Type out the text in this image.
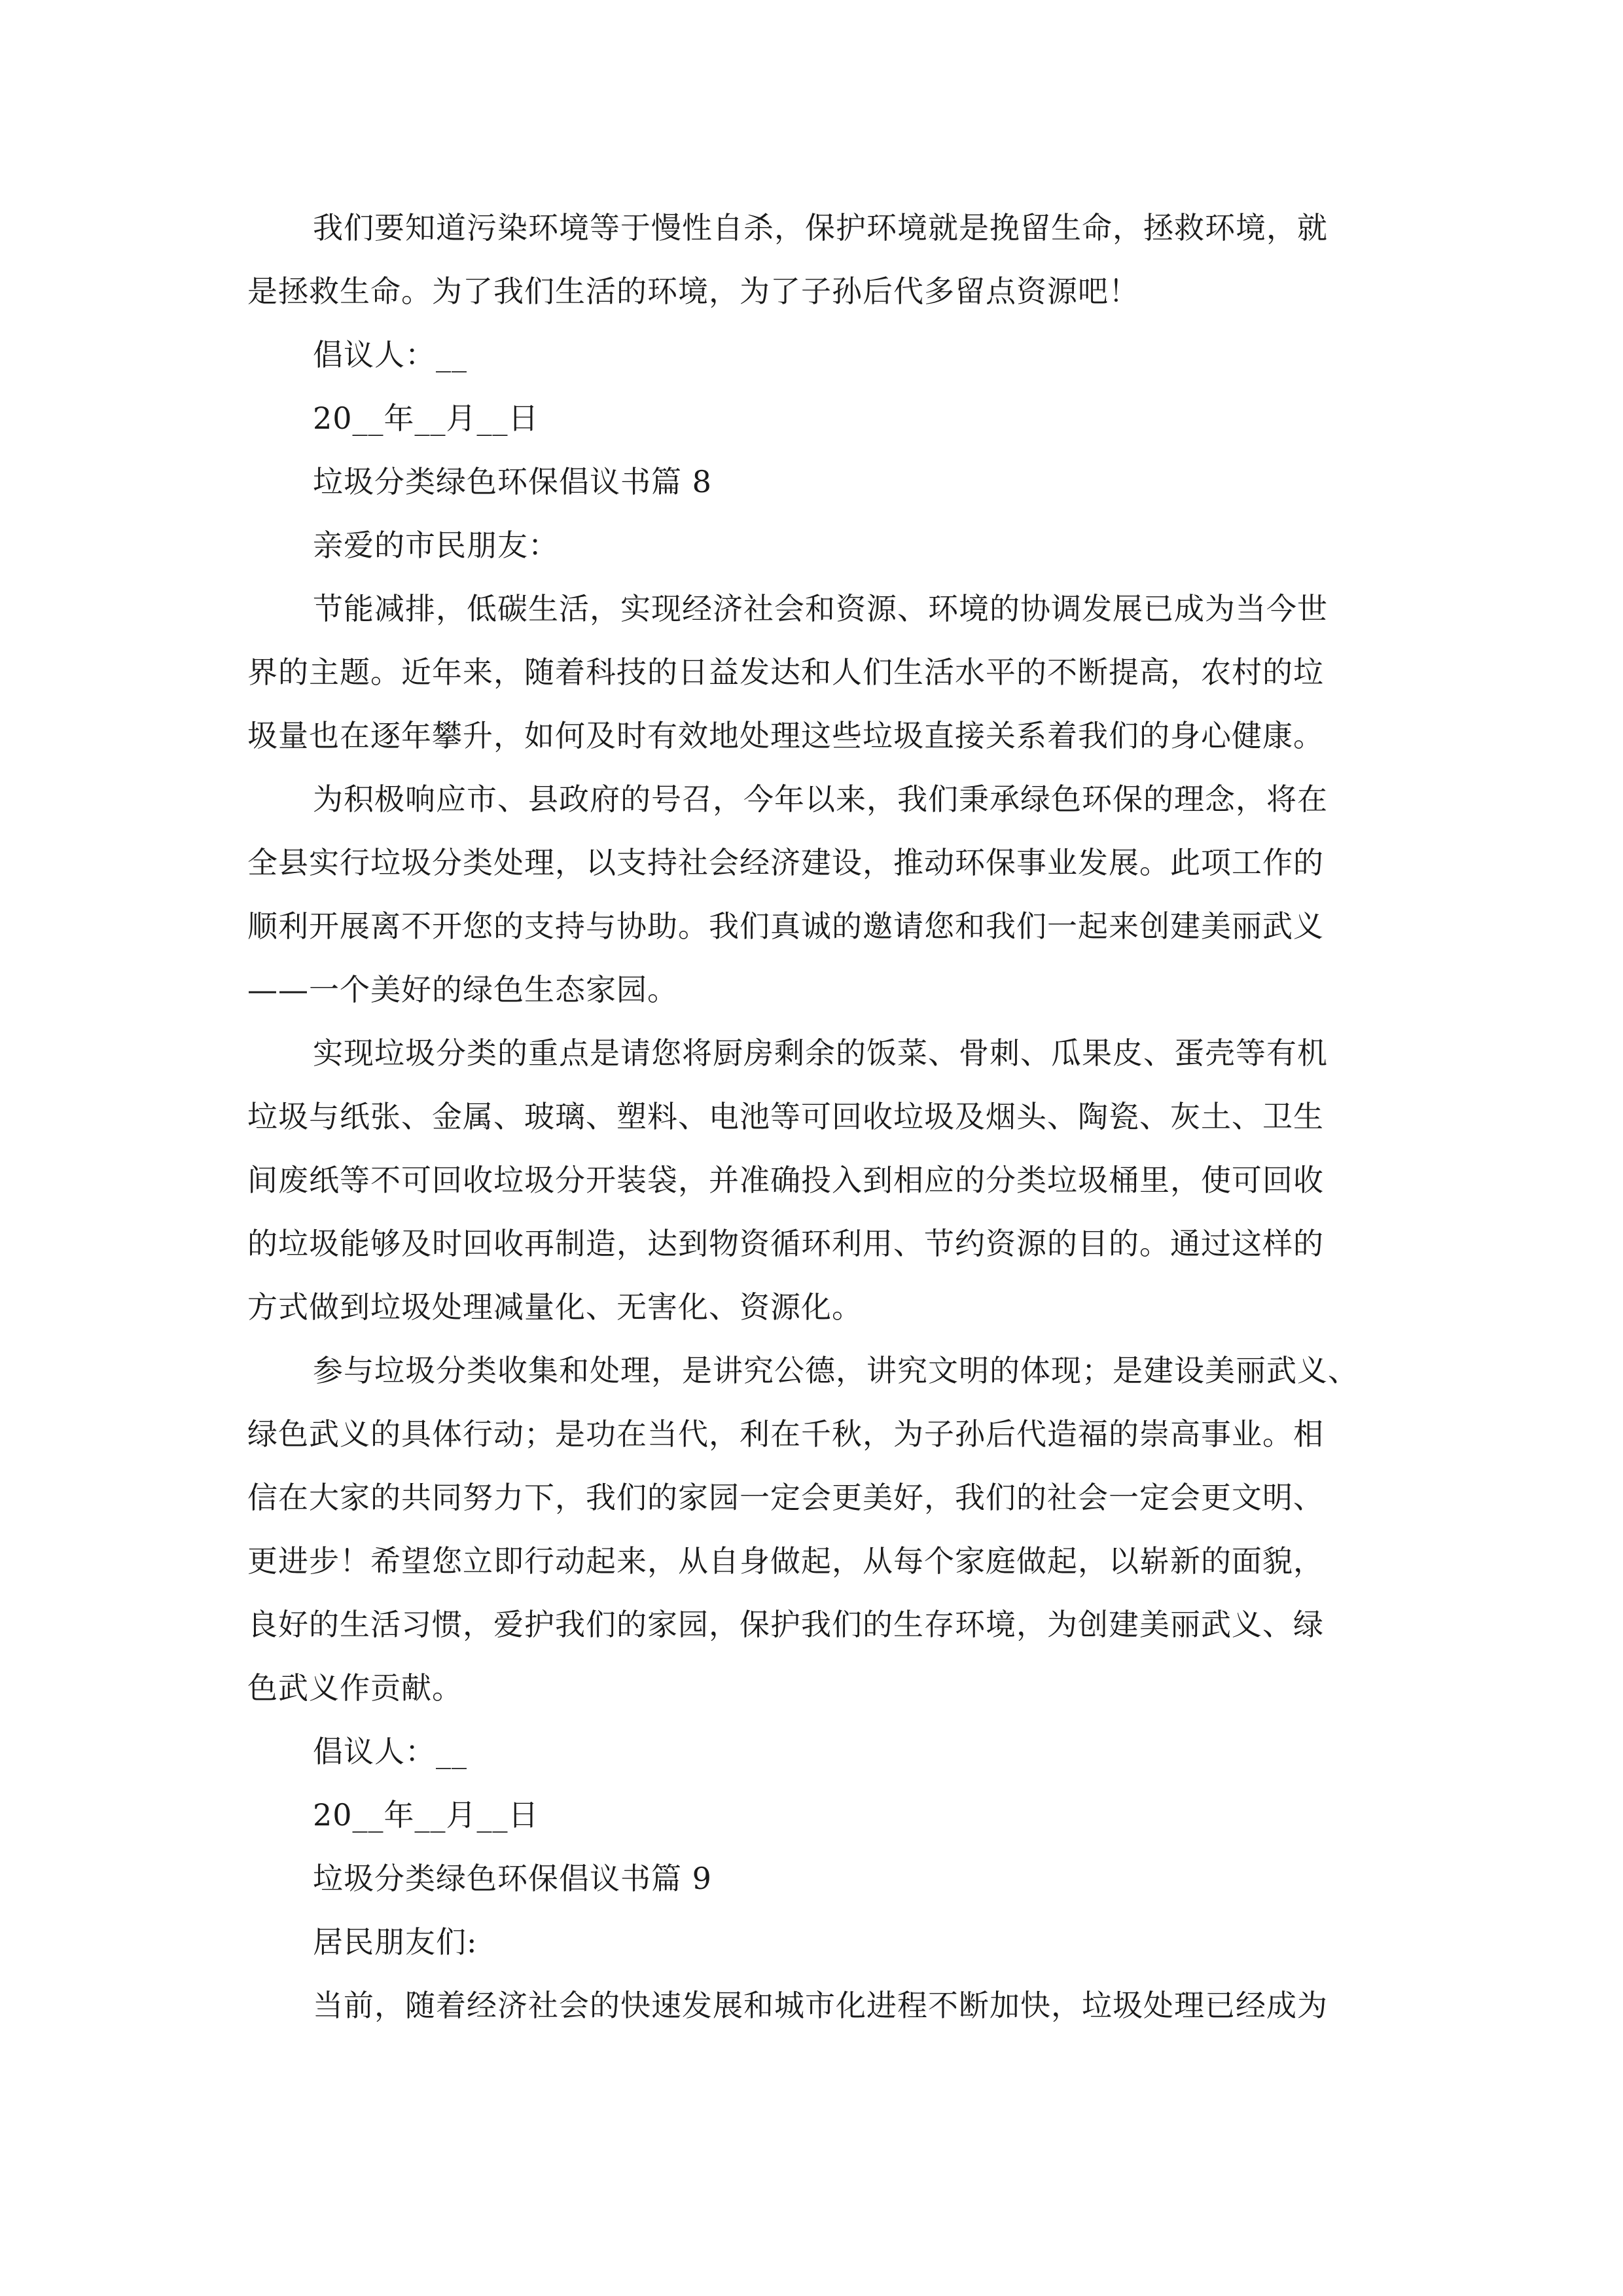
我们要知道污染环境等于慢性自杀，保护环境就是挽留生命，拯救环境，就
是拯救生命。为了我们生活的环境，为了子孙后代多留点资源吧！
倡议人：__
20__年__月__日
垃圾分类绿色环保倡议书篇 8
亲爱的市民朋友：
节能减排，低碳生活，实现经济社会和资源、环境的协调发展已成为当今世
界的主题。近年来，随着科技的日益发达和人们生活水平的不断提高，农村的垃
圾量也在逐年攀升，如何及时有效地处理这些垃圾直接关系着我们的身心健康。
为积极响应市、县政府的号召，今年以来，我们秉承绿色环保的理念，将在
全县实行垃圾分类处理，以支持社会经济建设，推动环保事业发展。此项工作的
顺利开展离不开您的支持与协助。我们真诚的邀请您和我们一起来创建美丽武义
——一个美好的绿色生态家园。
实现垃圾分类的重点是请您将厨房剩余的饭菜、骨刺、瓜果皮、蛋壳等有机
垃圾与纸张、金属、玻璃、塑料、电池等可回收垃圾及烟头、陶瓷、灰土、卫生
间废纸等不可回收垃圾分开装袋，并准确投入到相应的分类垃圾桶里，使可回收
的垃圾能够及时回收再制造，达到物资循环利用、节约资源的目的。通过这样的
方式做到垃圾处理减量化、无害化、资源化。
参与垃圾分类收集和处理，是讲究公德，讲究文明的体现；是建设美丽武义、
绿色武义的具体行动；是功在当代，利在千秋，为子孙后代造福的崇高事业。相
信在大家的共同努力下，我们的家园一定会更美好，我们的社会一定会更文明、
更进步！希望您立即行动起来，从自身做起，从每个家庭做起，以崭新的面貌，
良好的生活习惯，爱护我们的家园，保护我们的生存环境，为创建美丽武义、绿
色武义作贡献。
倡议人：__
20__年__月__日
垃圾分类绿色环保倡议书篇 9
居民朋友们:
当前，随着经济社会的快速发展和城市化进程不断加快，垃圾处理已经成为
